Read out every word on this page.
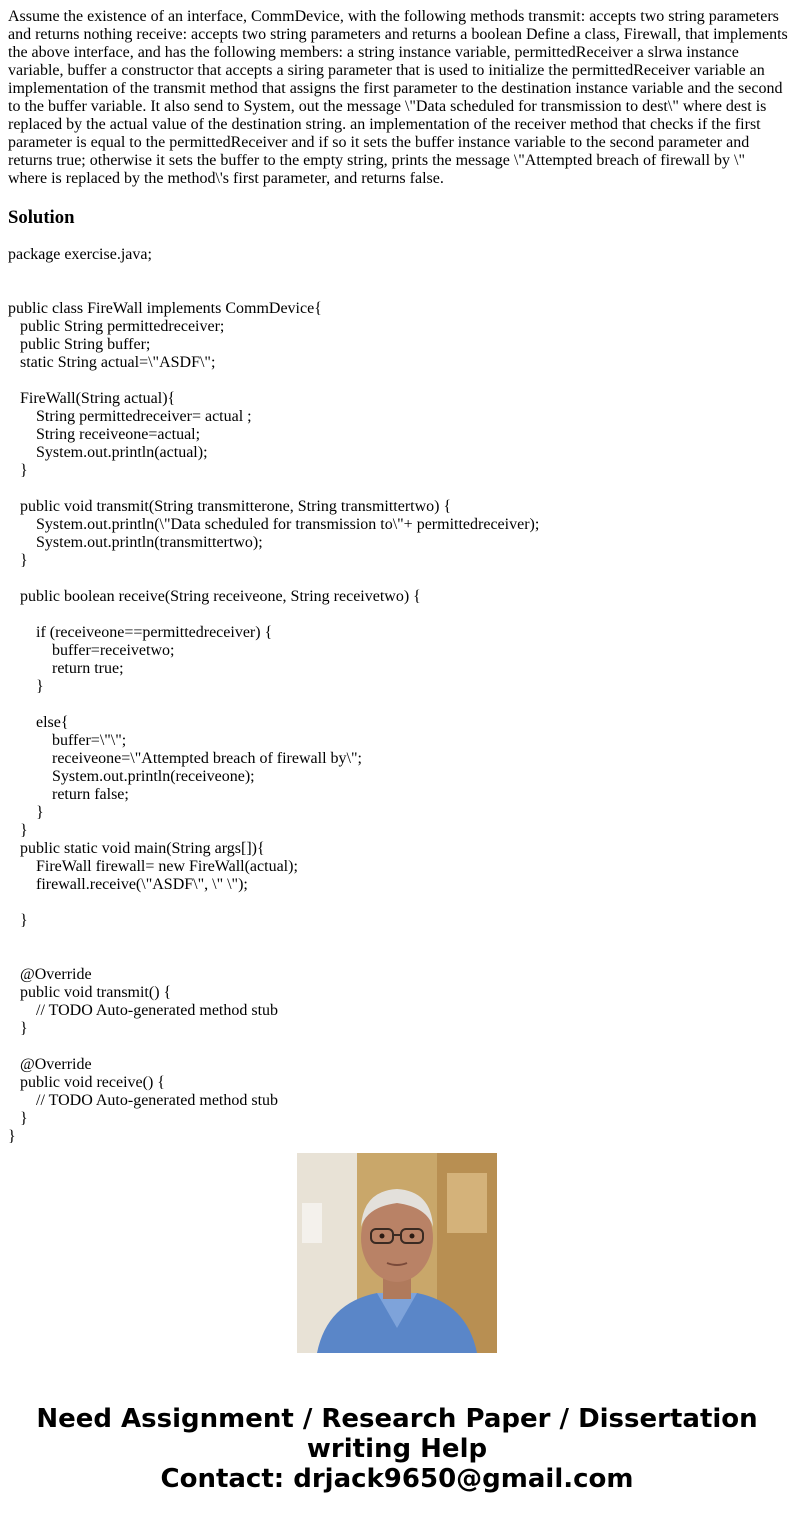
Assume the existence of an interface, CommDevice, with the following methods transmit: accepts two string parameters and returns nothing receive: accepts two string parameters and returns a boolean Define a class, Firewall, that implements the above interface, and has the following members: a string instance variable, permittedReceiver a slrwa instance variable, buffer a constructor that accepts a siring parameter that is used to initialize the permittedReceiver variable an implementation of the transmit method that assigns the first parameter to the destination instance variable and the second to the buffer variable. It also send to System, out the message \"Data scheduled for transmission to dest\" where dest is replaced by the actual value of the destination string. an implementation of the receiver method that checks if the first parameter is equal to the permittedReceiver and if so it sets the buffer instance variable to the second parameter and returns true; otherwise it sets the buffer to the empty string, prints the message \"Attempted breach of firewall by \" where is replaced by the method\'s first parameter, and returns false.

Solution
package exercise.java;
public class FireWall implements CommDevice{
public String permittedreceiver;
public String buffer;
static String actual=\"ASDF\";
FireWall(String actual){
String permittedreceiver= actual ;
String receiveone=actual;
System.out.println(actual);
}
public void transmit(String transmitterone, String transmittertwo) {
System.out.println(\"Data scheduled for transmission to\"+ permittedreceiver);
System.out.println(transmittertwo);
}
public boolean receive(String receiveone, String receivetwo) {
if (receiveone==permittedreceiver) {
buffer=receivetwo;
return true;
}
else{
buffer=\"\";
receiveone=\"Attempted breach of firewall by\";
System.out.println(receiveone);
return false;
}
}
public static void main(String args[]){
FireWall firewall= new FireWall(actual);
firewall.receive(\"ASDF\", \" \");
}
@Override
public void transmit() {
// TODO Auto-generated method stub
}
@Override
public void receive() {
// TODO Auto-generated method stub
}
}
Need Assignment / Research Paper / Dissertation
writing Help
Contact: drjack9650@gmail.com
